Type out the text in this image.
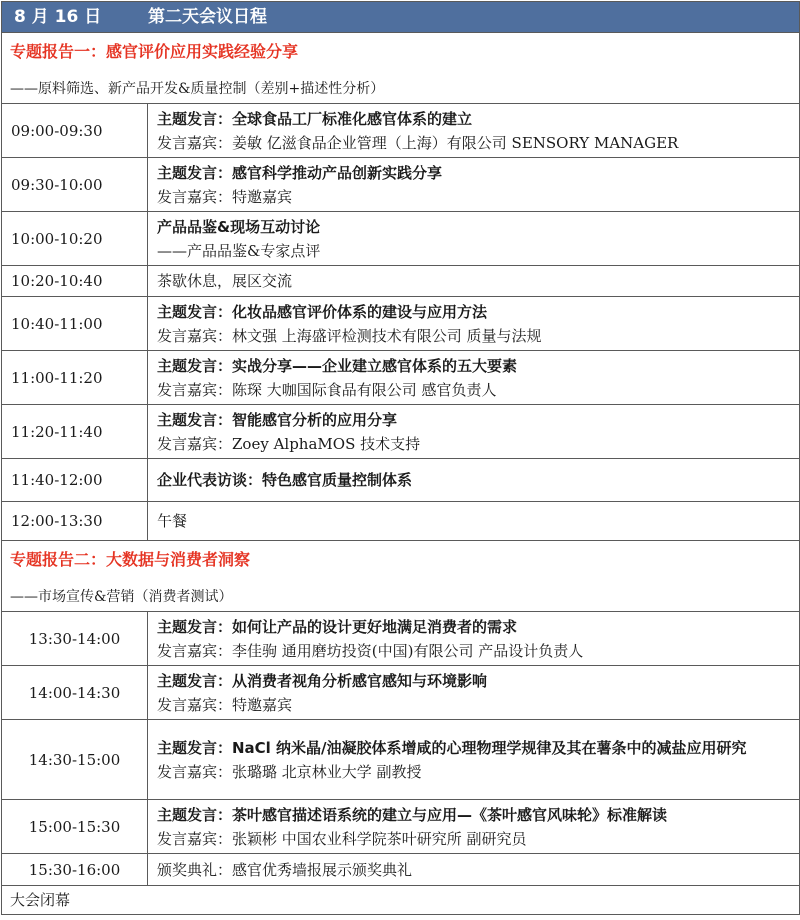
8 月 16 日 第二天会议日程	

专题报告一：感官评价应用实践经验分享
——原料筛选、新产品开发&质量控制（差别+描述性分析）	

09:00-09:30	主题发言：全球食品工厂标准化感官体系的建立
发言嘉宾：姜敏 亿滋食品企业管理（上海）有限公司 SENSORY MANAGER

09:30-10:00	主题发言：感官科学推动产品创新实践分享
发言嘉宾：特邀嘉宾

10:00-10:20	产品品鉴&现场互动讨论
——产品品鉴&专家点评

10:20-10:40	茶歇休息，展区交流
10:40-11:00	主题发言：化妆品感官评价体系的建设与应用方法
发言嘉宾：林文强 上海盛评检测技术有限公司 质量与法规

11:00-11:20	主题发言：实战分享——企业建立感官体系的五大要素
发言嘉宾：陈琛 大咖国际食品有限公司 感官负责人

11:20-11:40	主题发言：智能感官分析的应用分享
发言嘉宾：Zoey AlphaMOS 技术支持

11:40-12:00	企业代表访谈：特色感官质量控制体系
12:00-13:30	午餐

专题报告二：大数据与消费者洞察
——市场宣传&营销（消费者测试）	

13:30-14:00	主题发言：如何让产品的设计更好地满足消费者的需求
发言嘉宾：李佳驹 通用磨坊投资(中国)有限公司 产品设计负责人

14:00-14:30	主题发言：从消费者视角分析感官感知与环境影响
发言嘉宾：特邀嘉宾

14:30-15:00	主题发言：NaCl 纳米晶/油凝胶体系增咸的心理物理学规律及其在薯条中的减盐应用研究
发言嘉宾：张璐璐 北京林业大学 副教授

15:00-15:30	主题发言：茶叶感官描述语系统的建立与应用—《茶叶感官风味轮》标准解读
发言嘉宾：张颖彬 中国农业科学院茶叶研究所 副研究员

15:30-16:00	颁奖典礼：感官优秀墙报展示颁奖典礼
大会闭幕	
